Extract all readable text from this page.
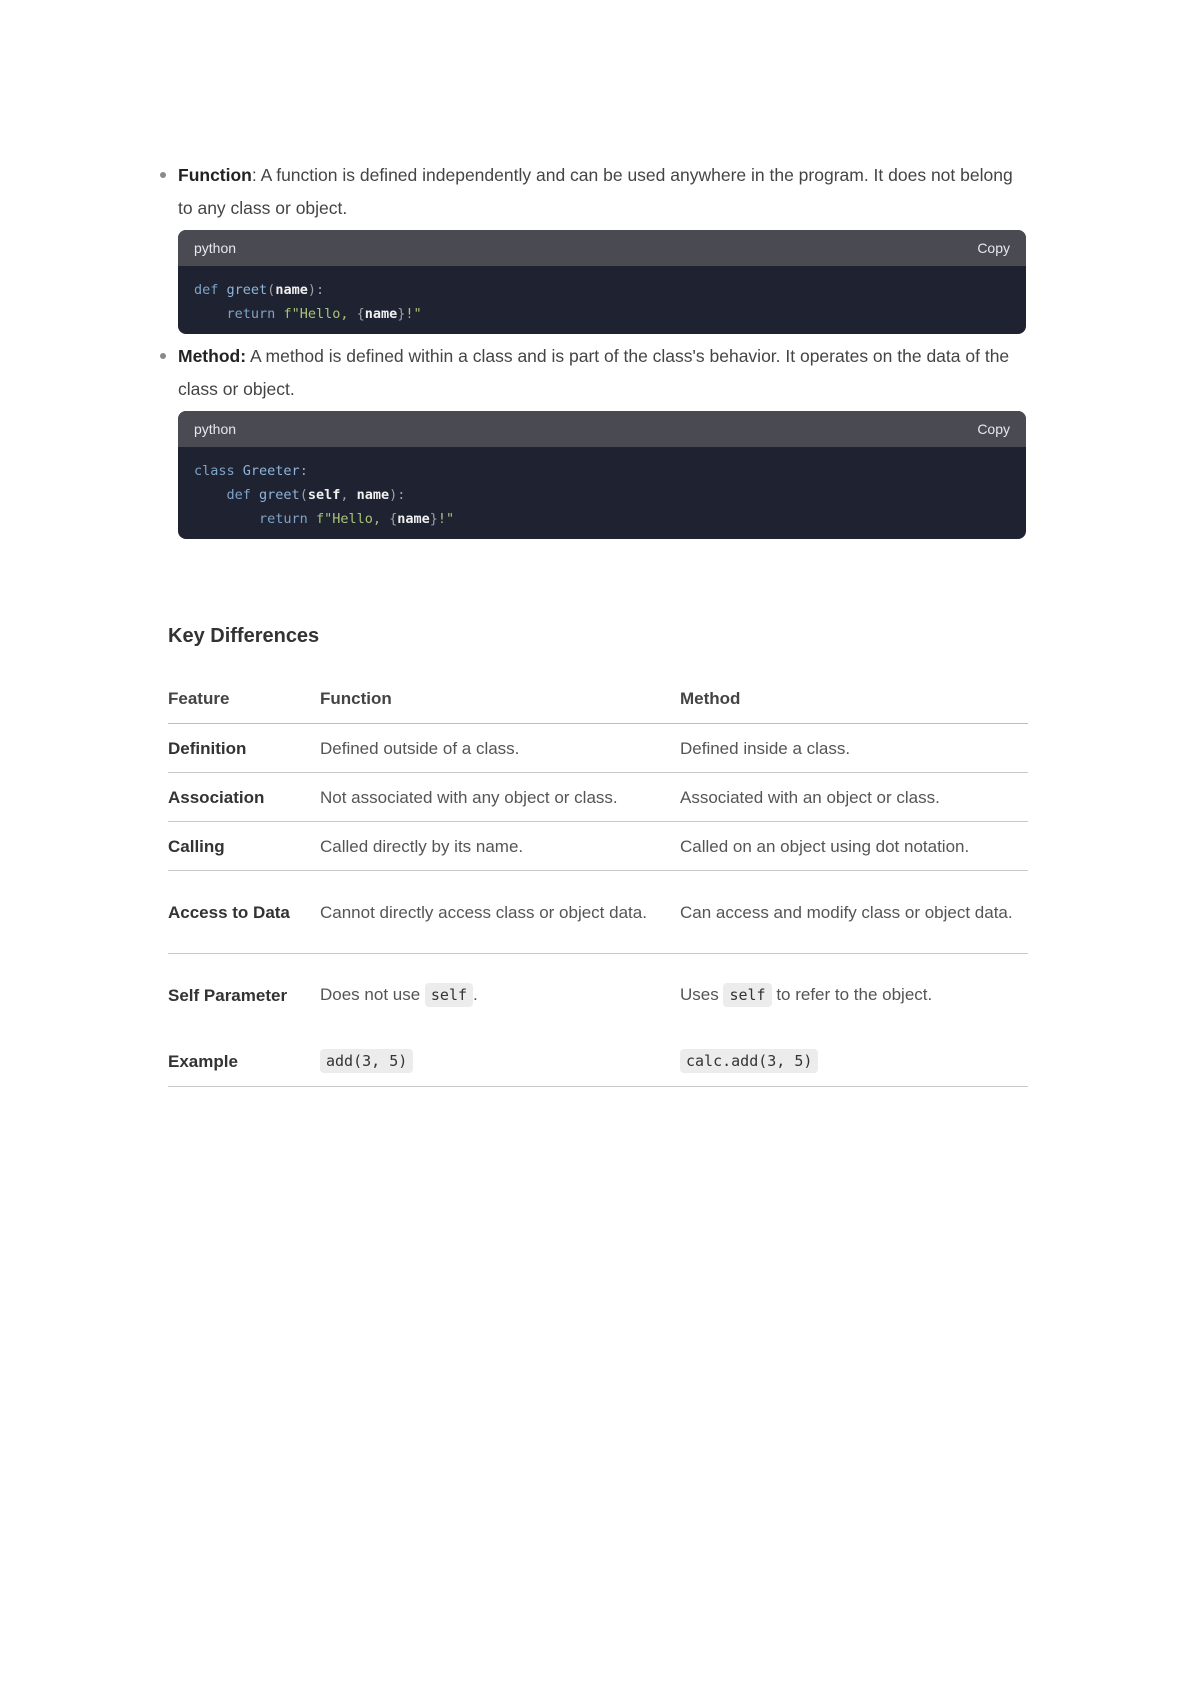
Function: A function is defined independently and can be used anywhere in the program. It does not belong to any class or object.
python	Copy
def greet(name):
return f"Hello, {name}!"
Method: A method is defined within a class and is part of the class's behavior. It operates on the data of the class or object.
python	Copy
class Greeter:
def greet(self, name):
return f"Hello, {name}!"
Key Differences
Feature	Function	Method
Definition	Defined outside of a class.	Defined inside a class.
Association	Not associated with any object or class.	Associated with an object or class.
Calling	Called directly by its name.	Called on an object using dot notation.
Access to Data	Cannot directly access class or object data.	Can access and modify class or object data.
Self Parameter	Does not use self .	Uses self to refer to the object.
Example	add(3, 5)	calc.add(3, 5)
